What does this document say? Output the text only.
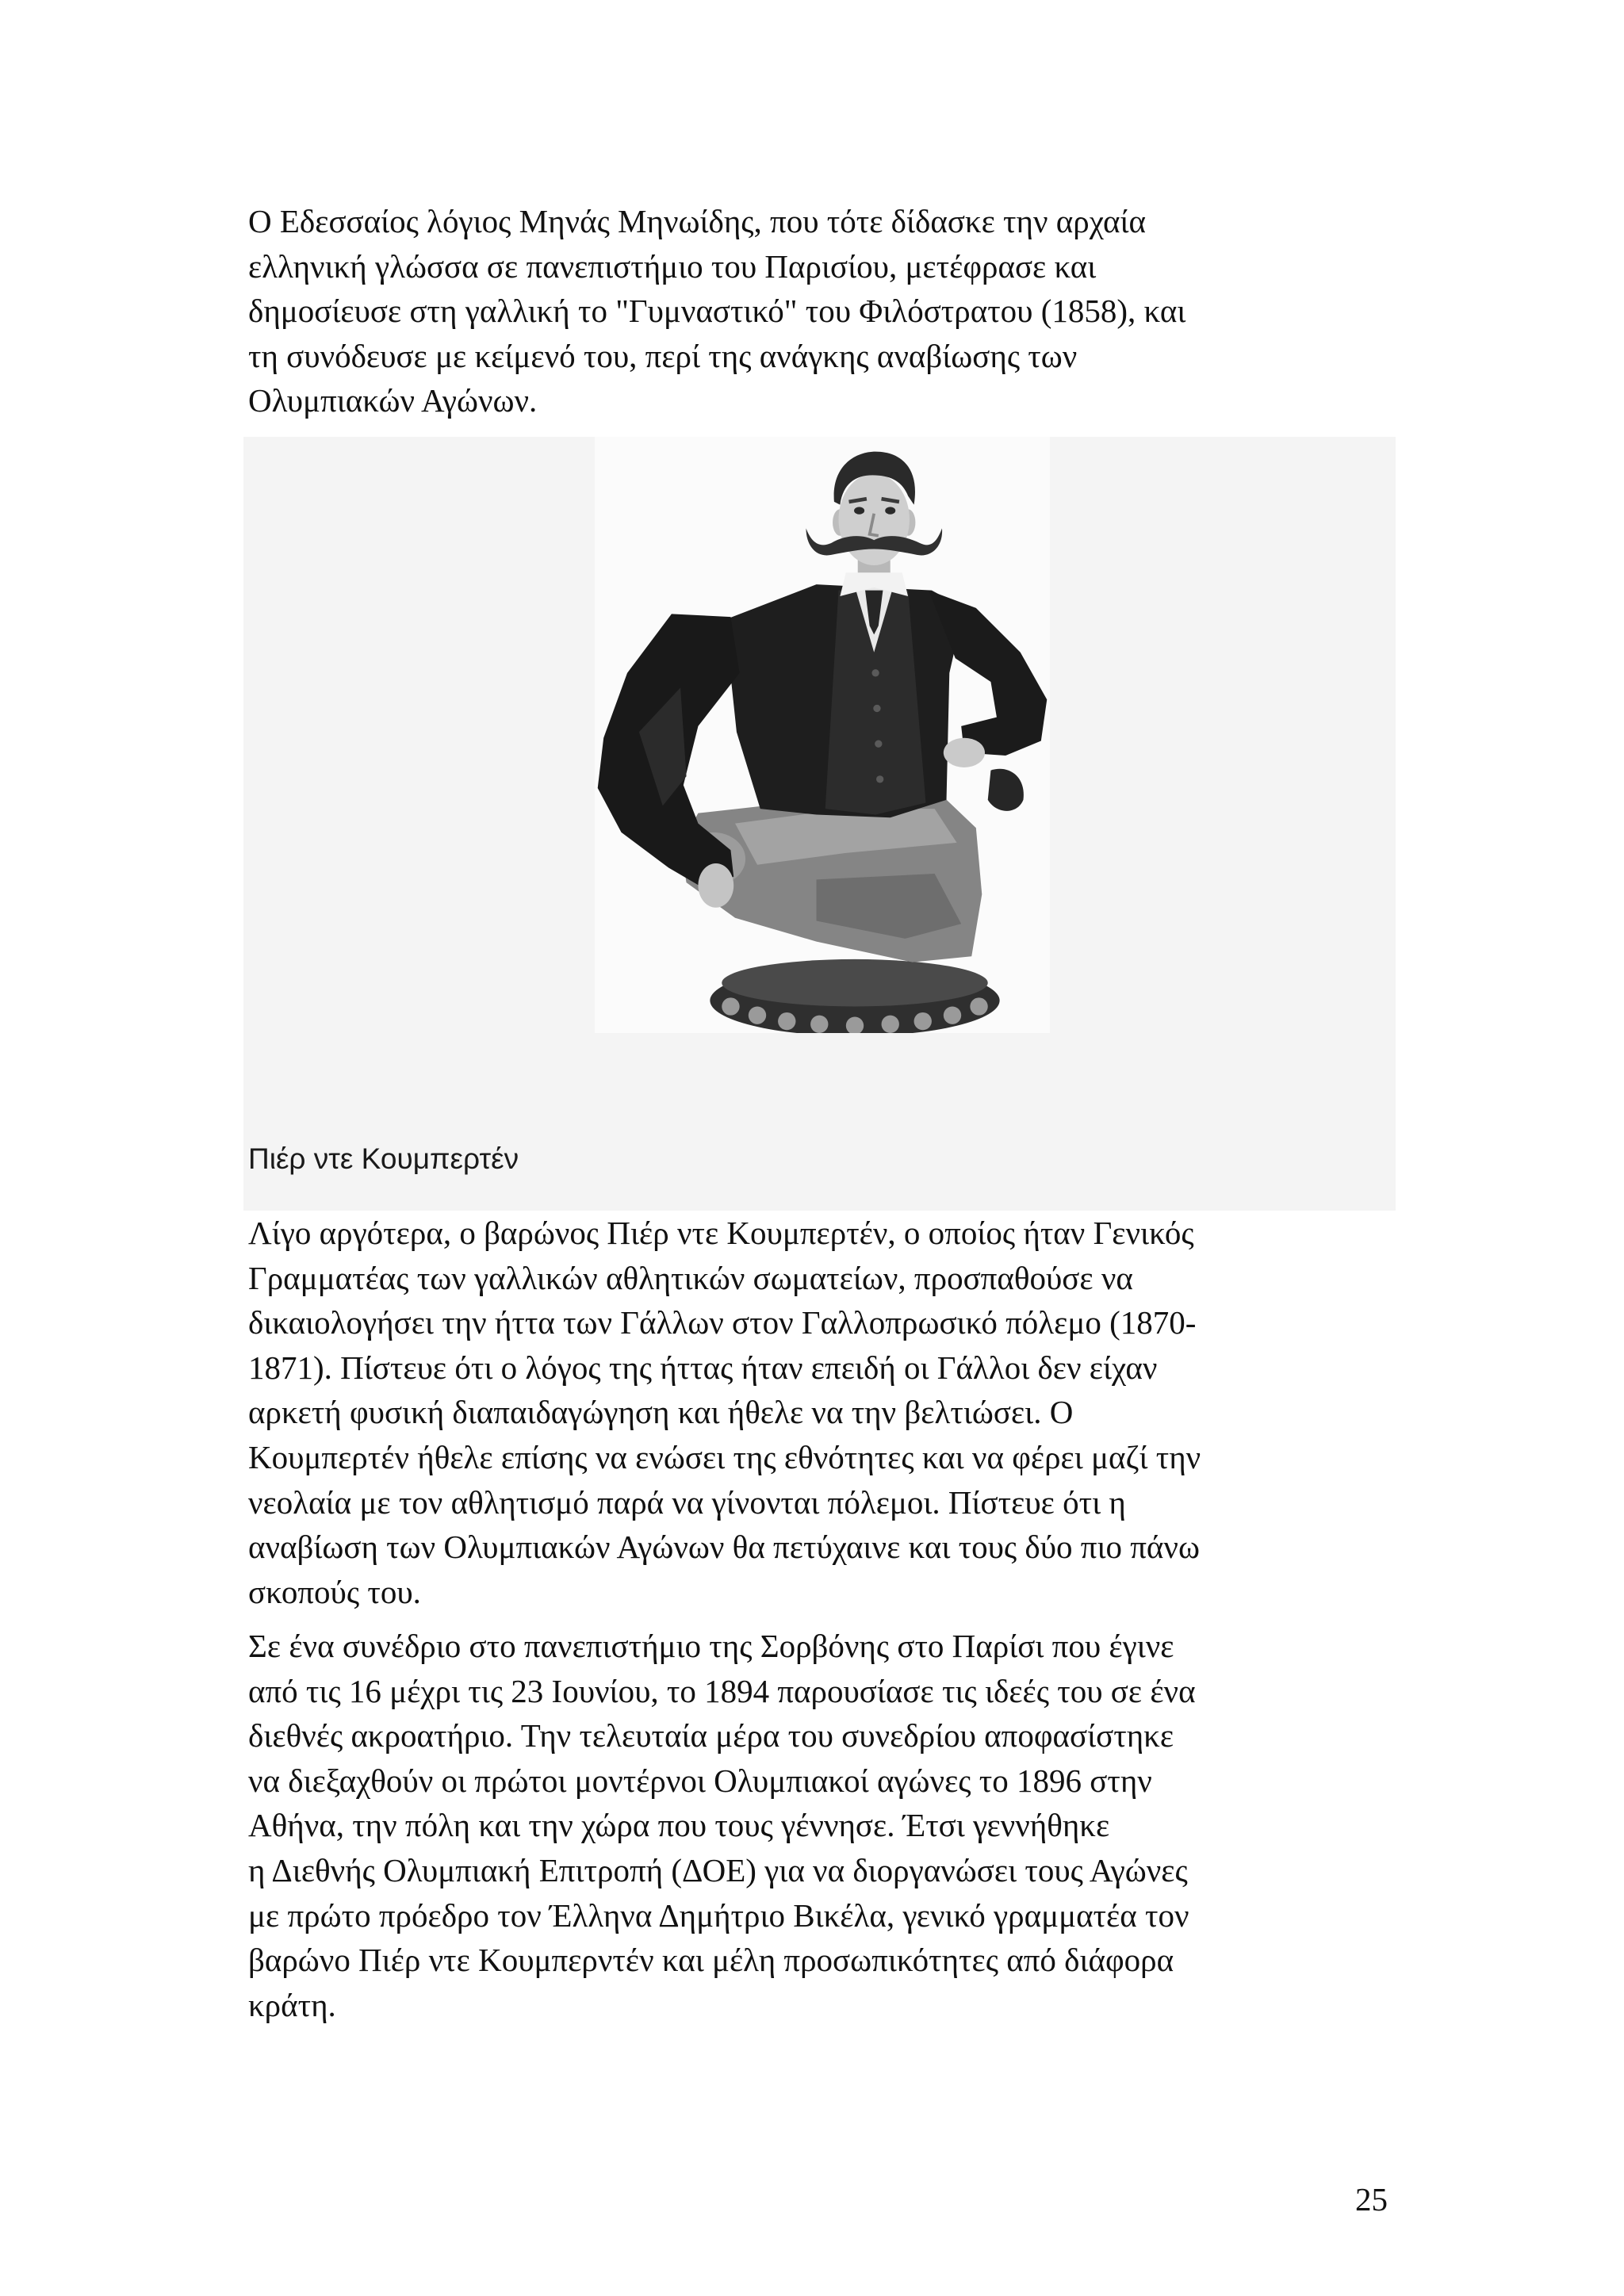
Ο Εδεσσαίος λόγιος Μηνάς Μηνωίδης, που τότε δίδασκε την αρχαία
ελληνική γλώσσα σε πανεπιστήμιο του Παρισίου, μετέφρασε και
δημοσίευσε στη γαλλική το "Γυμναστικό" του Φιλόστρατου (1858), και
τη συνόδευσε με κείμενό του, περί της ανάγκης αναβίωσης των
Ολυμπιακών Αγώνων.
Πιέρ ντε Κουμπερτέν
Λίγο αργότερα, ο βαρώνος Πιέρ ντε Κουμπερτέν, ο οποίος ήταν Γενικός
Γραμματέας των γαλλικών αθλητικών σωματείων, προσπαθούσε να
δικαιολογήσει την ήττα των Γάλλων στον Γαλλοπρωσικό πόλεμο (1870-
1871). Πίστευε ότι ο λόγος της ήττας ήταν επειδή οι Γάλλοι δεν είχαν
αρκετή φυσική διαπαιδαγώγηση και ήθελε να την βελτιώσει. Ο
Κουμπερτέν ήθελε επίσης να ενώσει της εθνότητες και να φέρει μαζί την
νεολαία με τον αθλητισμό παρά να γίνονται πόλεμοι. Πίστευε ότι η
αναβίωση των Ολυμπιακών Αγώνων θα πετύχαινε και τους δύο πιο πάνω
σκοπούς του.
Σε ένα συνέδριο στο πανεπιστήμιο της Σορβόνης στο Παρίσι που έγινε
από τις 16 μέχρι τις 23 Ιουνίου, το 1894 παρουσίασε τις ιδεές του σε ένα
διεθνές ακροατήριο. Την τελευταία μέρα του συνεδρίου αποφασίστηκε
να διεξαχθούν οι πρώτοι μοντέρνοι Ολυμπιακοί αγώνες το 1896 στην
Αθήνα, την πόλη και την χώρα που τους γέννησε. Έτσι γεννήθηκε
η Διεθνής Ολυμπιακή Επιτροπή (ΔΟΕ) για να διοργανώσει τους Αγώνες
με πρώτο πρόεδρο τον Έλληνα Δημήτριο Βικέλα, γενικό γραμματέα τον
βαρώνο Πιέρ ντε Κουμπερντέν και μέλη προσωπικότητες από διάφορα
κράτη.
25
